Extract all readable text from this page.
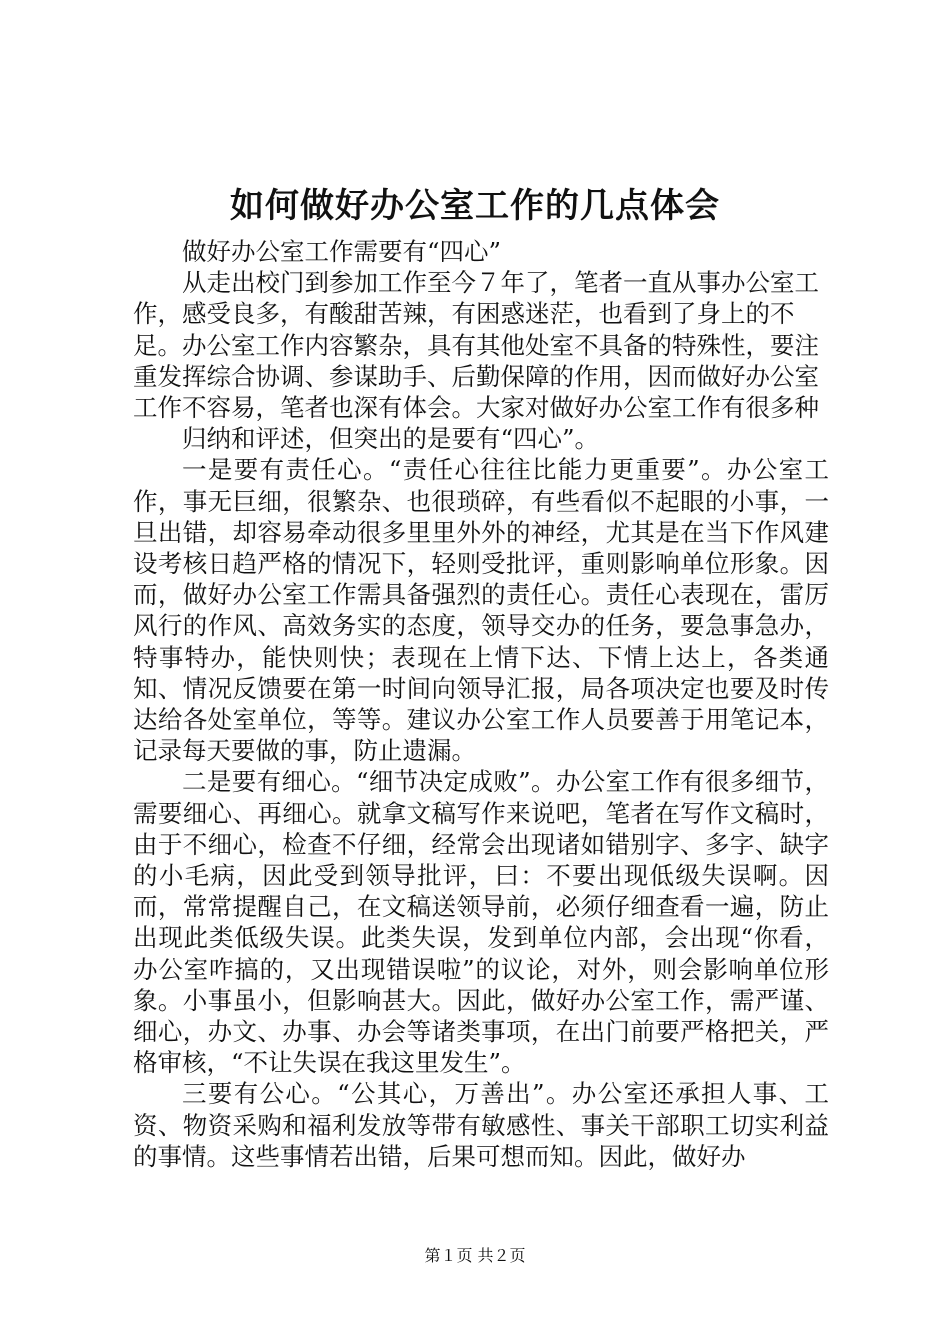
如何做好办公室工作的几点体会

做好办公室工作需要有“四心”

从走出校门到参加工作至今７年了，笔者一直从事办公室工作，感受良多，有酸甜苦辣，有困惑迷茫，也看到了身上的不足。办公室工作内容繁杂，具有其他处室不具备的特殊性，要注重发挥综合协调、参谋助手、后勤保障的作用，因而做好办公室工作不容易，笔者也深有体会。大家对做好办公室工作有很多种

归纳和评述，但突出的是要有“四心”。

一是要有责任心。“责任心往往比能力更重要”。办公室工作，事无巨细，很繁杂、也很琐碎，有些看似不起眼的小事，一旦出错，却容易牵动很多里里外外的神经，尤其是在当下作风建设考核日趋严格的情况下，轻则受批评，重则影响单位形象。因而，做好办公室工作需具备强烈的责任心。责任心表现在，雷厉风行的作风、高效务实的态度，领导交办的任务，要急事急办，特事特办，能快则快；表现在上情下达、下情上达上，各类通知、情况反馈要在第一时间向领导汇报，局各项决定也要及时传达给各处室单位，等等。建议办公室工作人员要善于用笔记本，记录每天要做的事，防止遗漏。

二是要有细心。“细节决定成败”。办公室工作有很多细节，需要细心、再细心。就拿文稿写作来说吧，笔者在写作文稿时，由于不细心，检查不仔细，经常会出现诸如错别字、多字、缺字的小毛病，因此受到领导批评，曰：不要出现低级失误啊。因而，常常提醒自己，在文稿送领导前，必须仔细查看一遍，防止出现此类低级失误。此类失误，发到单位内部，会出现“你看，办公室咋搞的，又出现错误啦”的议论，对外，则会影响单位形象。小事虽小，但影响甚大。因此，做好办公室工作，需严谨、细心，办文、办事、办会等诸类事项，在出门前要严格把关，严格审核，“不让失误在我这里发生”。

三要有公心。“公其心，万善出”。办公室还承担人事、工资、物资采购和福利发放等带有敏感性、事关干部职工切实利益的事情。这些事情若出错，后果可想而知。因此，做好办

第１页 共２页
